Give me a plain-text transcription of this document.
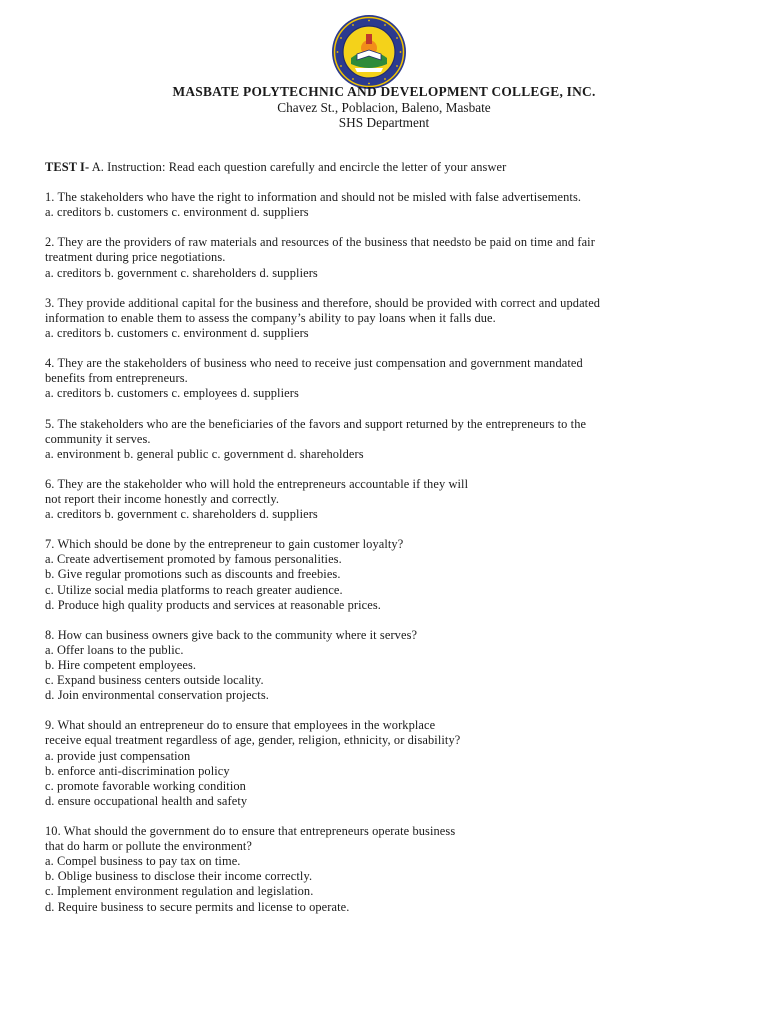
MASBATE POLYTECHNIC AND DEVELOPMENT COLLEGE, INC.
Chavez St., Poblacion, Baleno, Masbate
SHS Department
TEST I- A. Instruction: Read each question carefully and encircle the letter of your answer
1. The stakeholders who have the right to information and should not be misled with false advertisements.
a. creditors b. customers c. environment d. suppliers
2. They are the providers of raw materials and resources of the business that needsto be paid on time and fair
treatment during price negotiations.
a. creditors b. government c. shareholders d. suppliers
3. They provide additional capital for the business and therefore, should be provided with correct and updated
information to enable them to assess the company’s ability to pay loans when it falls due.
a. creditors b. customers c. environment d. suppliers
4. They are the stakeholders of business who need to receive just compensation and government mandated
benefits from entrepreneurs.
a. creditors b. customers c. employees d. suppliers
5. The stakeholders who are the beneficiaries of the favors and support returned by the entrepreneurs to the
community it serves.
a. environment b. general public c. government d. shareholders
6. They are the stakeholder who will hold the entrepreneurs accountable if they will
not report their income honestly and correctly.
a. creditors b. government c. shareholders d. suppliers
7. Which should be done by the entrepreneur to gain customer loyalty?
a. Create advertisement promoted by famous personalities.
b. Give regular promotions such as discounts and freebies.
c. Utilize social media platforms to reach greater audience.
d. Produce high quality products and services at reasonable prices.
8. How can business owners give back to the community where it serves?
a. Offer loans to the public.
b. Hire competent employees.
c. Expand business centers outside locality.
d. Join environmental conservation projects.
9. What should an entrepreneur do to ensure that employees in the workplace
receive equal treatment regardless of age, gender, religion, ethnicity, or disability?
a. provide just compensation
b. enforce anti-discrimination policy
c. promote favorable working condition
d. ensure occupational health and safety
10. What should the government do to ensure that entrepreneurs operate business
that do harm or pollute the environment?
a. Compel business to pay tax on time.
b. Oblige business to disclose their income correctly.
c. Implement environment regulation and legislation.
d. Require business to secure permits and license to operate.
